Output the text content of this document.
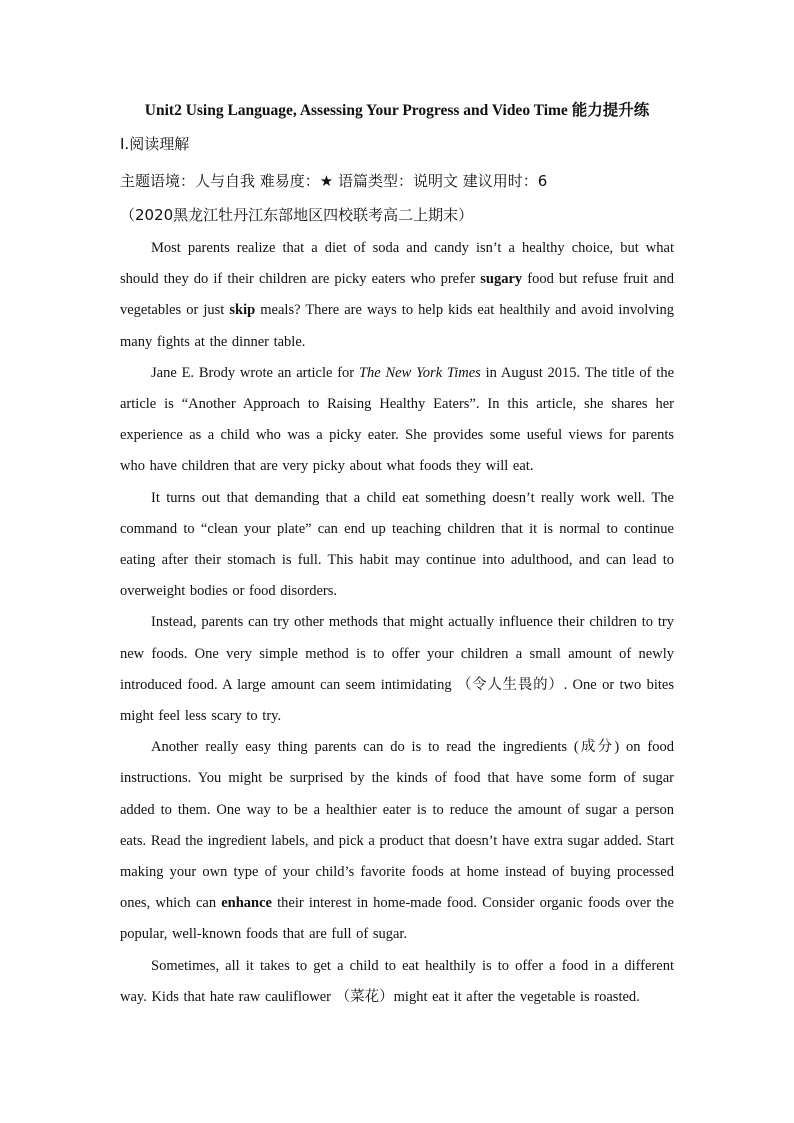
Unit2 Using Language, Assessing Your Progress and Video Time 能力提升练
I.阅读理解
主题语境：人与自我 难易度：★ 语篇类型：说明文 建议用时：6
（2020黑龙江牡丹江东部地区四校联考高二上期末）

Most parents realize that a diet of soda and candy isn’t a healthy choice, but what should they do if their children are picky eaters who prefer sugary food but refuse fruit and vegetables or just skip meals? There are ways to help kids eat healthily and avoid involving many fights at the dinner table.

Jane E. Brody wrote an article for The New York Times in August 2015. The title of the article is “Another Approach to Raising Healthy Eaters”. In this article, she shares her experience as a child who was a picky eater. She provides some useful views for parents who have children that are very picky about what foods they will eat.

It turns out that demanding that a child eat something doesn’t really work well. The command to “clean your plate” can end up teaching children that it is normal to continue eating after their stomach is full. This habit may continue into adulthood, and can lead to overweight bodies or food disorders.

Instead, parents can try other methods that might actually influence their children to try new foods. One very simple method is to offer your children a small amount of newly introduced food. A large amount can seem intimidating （令人生畏的）. One or two bites might feel less scary to try.

Another really easy thing parents can do is to read the ingredients (成分) on food instructions. You might be surprised by the kinds of food that have some form of sugar added to them. One way to be a healthier eater is to reduce the amount of sugar a person eats. Read the ingredient labels, and pick a product that doesn’t have extra sugar added. Start making your own type of your child’s favorite foods at home instead of buying processed ones, which can enhance their interest in home-made food. Consider organic foods over the popular, well-known foods that are full of sugar.

Sometimes, all it takes to get a child to eat healthily is to offer a food in a different way. Kids that hate raw cauliflower （菜花）might eat it after the vegetable is roasted.
